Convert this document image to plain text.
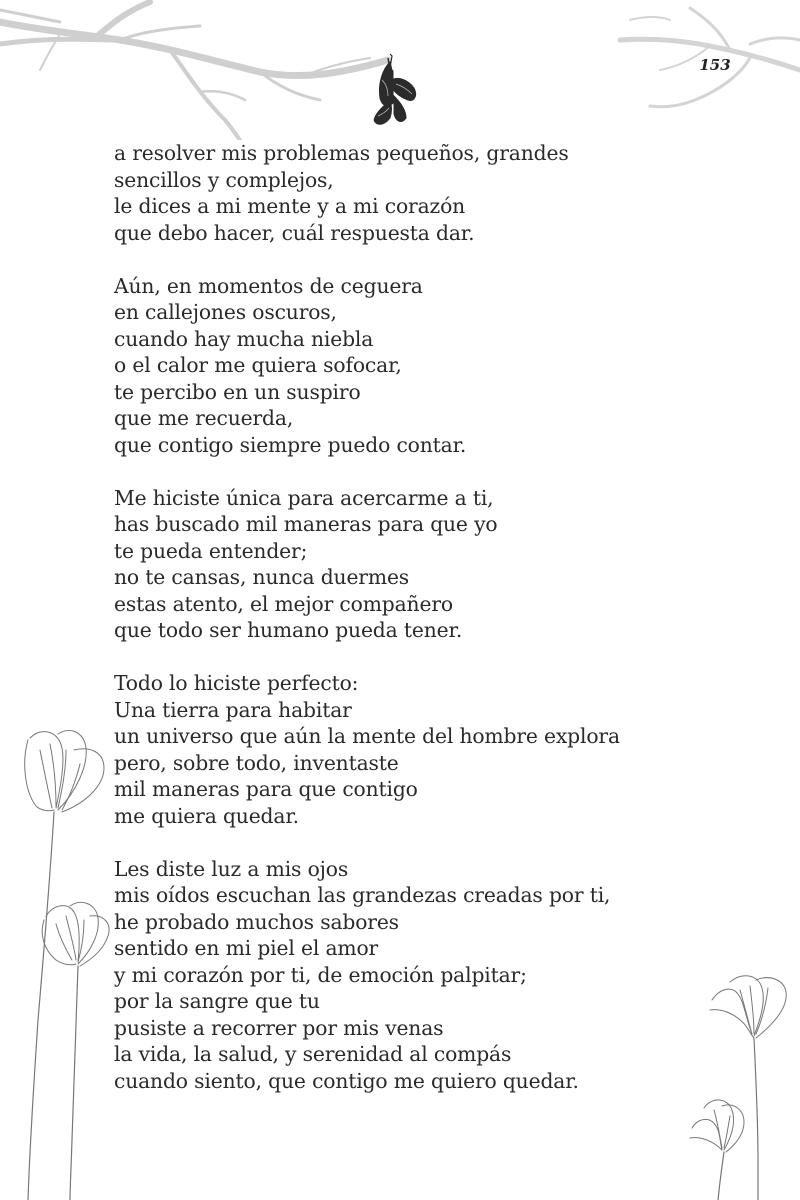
153
a resolver mis problemas pequeños, grandes
sencillos y complejos,
le dices a mi mente y a mi corazón
que debo hacer, cuál respuesta dar.
Aún, en momentos de ceguera
en callejones oscuros,
cuando hay mucha niebla
o el calor me quiera sofocar,
te percibo en un suspiro
que me recuerda,
que contigo siempre puedo contar.
Me hiciste única para acercarme a ti,
has buscado mil maneras para que yo
te pueda entender;
no te cansas, nunca duermes
estas atento, el mejor compañero
que todo ser humano pueda tener.
Todo lo hiciste perfecto:
Una tierra para habitar
un universo que aún la mente del hombre explora
pero, sobre todo, inventaste
mil maneras para que contigo
me quiera quedar.
Les diste luz a mis ojos
mis oídos escuchan las grandezas creadas por ti,
he probado muchos sabores
sentido en mi piel el amor
y mi corazón por ti, de emoción palpitar;
por la sangre que tu
pusiste a recorrer por mis venas
la vida, la salud, y serenidad al compás
cuando siento, que contigo me quiero quedar.
